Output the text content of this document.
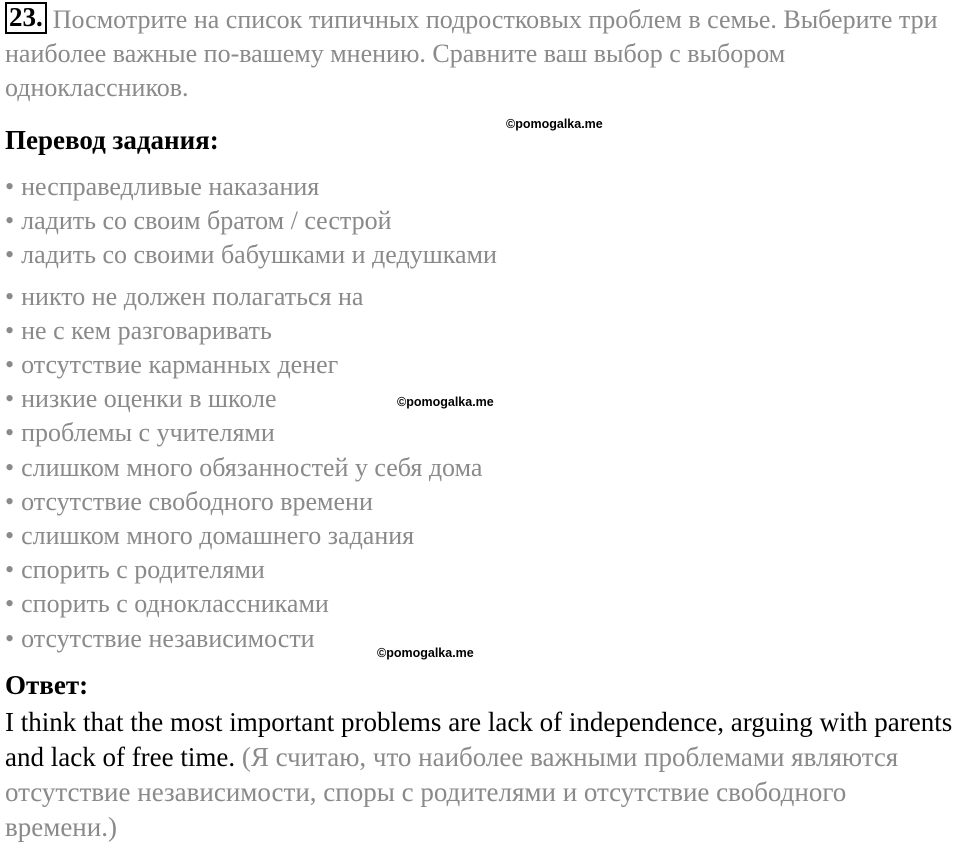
23. Посмотрите на список типичных подростковых проблем в семье. Выберите три наиболее важные по-вашему мнению. Сравните ваш выбор с выбором одноклассников.

Перевод задания:

• несправедливые наказания
• ладить со своим братом / сестрой
• ладить со своими бабушками и дедушками
• никто не должен полагаться на
• не с кем разговаривать
• отсутствие карманных денег
• низкие оценки в школе
• проблемы с учителями
• слишком много обязанностей у себя дома
• отсутствие свободного времени
• слишком много домашнего задания
• спорить с родителями
• спорить с одноклассниками
• отсутствие независимости

Ответ:

I think that the most important problems are lack of independence, arguing with parents and lack of free time. (Я считаю, что наиболее важными проблемами являются отсутствие независимости, споры с родителями и отсутствие свободного времени.)

©pomogalka.me
©pomogalka.me
©pomogalka.me
